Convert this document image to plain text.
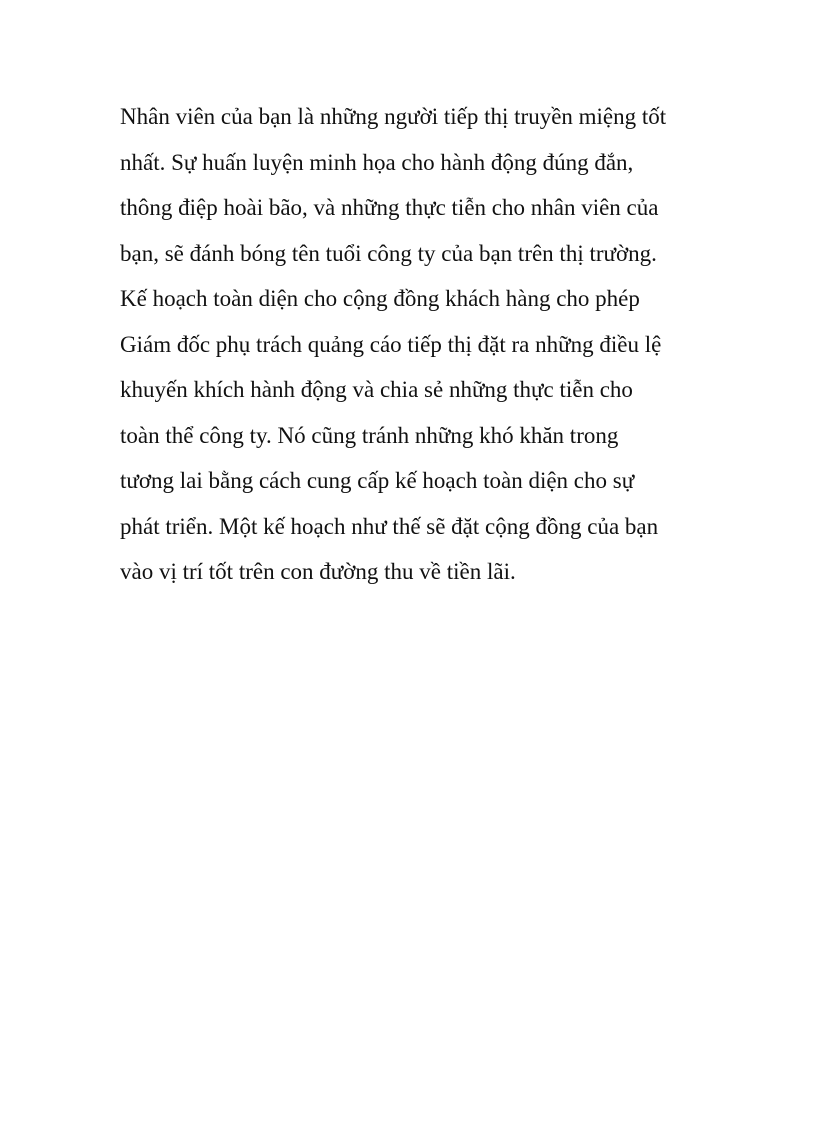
Nhân viên của bạn là những người tiếp thị truyền miệng tốt
nhất. Sự huấn luyện minh họa cho hành động đúng đắn,
thông điệp hoài bão, và những thực tiễn cho nhân viên của
bạn, sẽ đánh bóng tên tuổi công ty của bạn trên thị trường.
Kế hoạch toàn diện cho cộng đồng khách hàng cho phép
Giám đốc phụ trách quảng cáo tiếp thị đặt ra những điều lệ
khuyến khích hành động và chia sẻ những thực tiễn cho
toàn thể công ty. Nó cũng tránh những khó khăn trong
tương lai bằng cách cung cấp kế hoạch toàn diện cho sự
phát triển. Một kế hoạch như thế sẽ đặt cộng đồng của bạn
vào vị trí tốt trên con đường thu về tiền lãi.
